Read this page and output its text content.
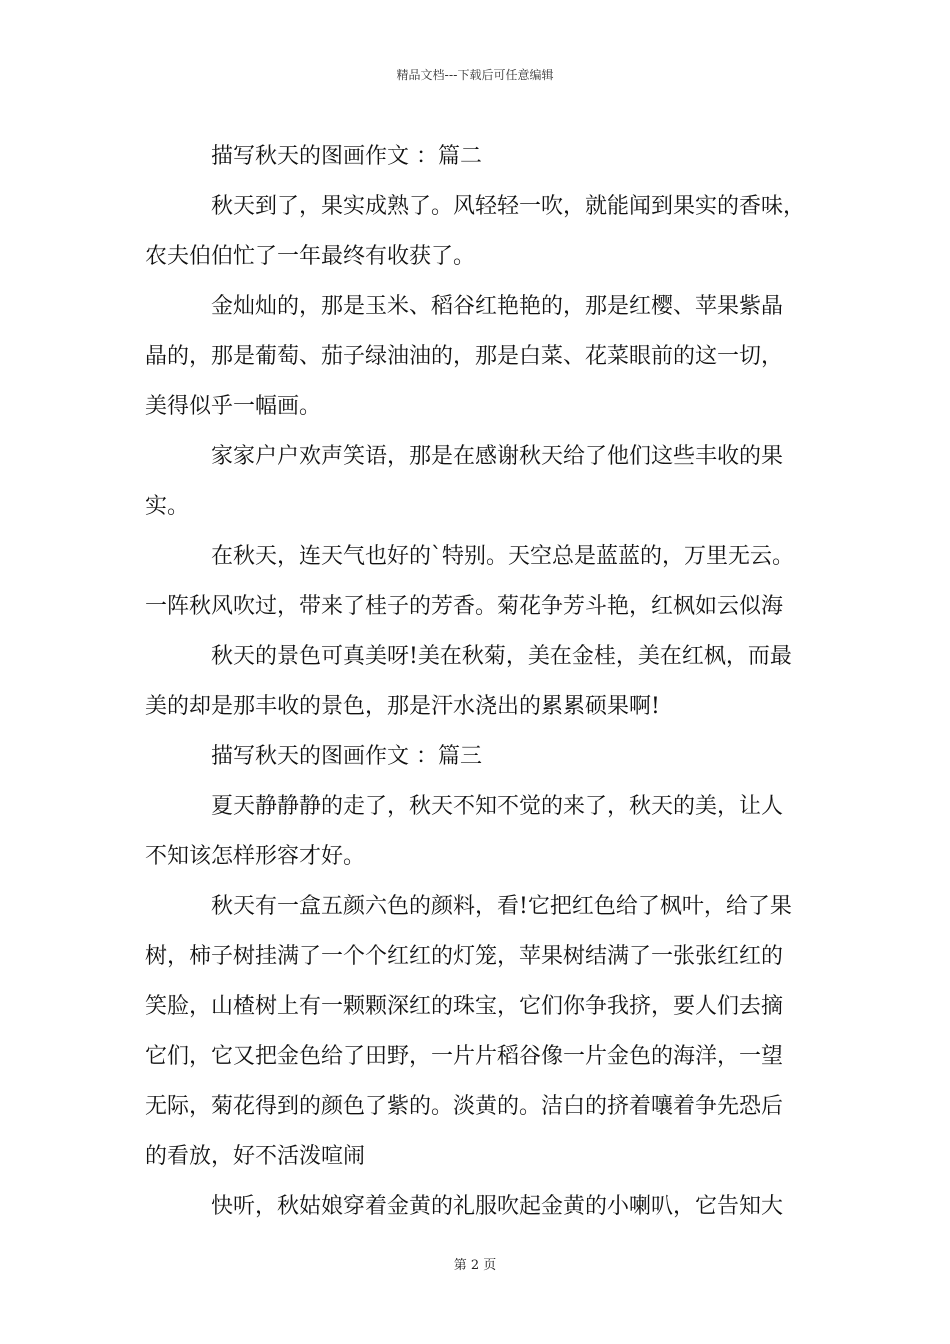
精品文档---下载后可任意编辑
描写秋天的图画作文 ：篇二
秋天到了，果实成熟了。风轻轻一吹，就能闻到果实的香味，
农夫伯伯忙了一年最终有收获了。
金灿灿的，那是玉米、稻谷红艳艳的，那是红樱、苹果紫晶
晶的，那是葡萄、茄子绿油油的，那是白菜、花菜眼前的这一切，
美得似乎一幅画。
家家户户欢声笑语，那是在感谢秋天给了他们这些丰收的果
实。
在秋天，连天气也好的`特别。天空总是蓝蓝的，万里无云。
一阵秋风吹过，带来了桂子的芳香。菊花争芳斗艳，红枫如云似海
秋天的景色可真美呀!美在秋菊，美在金桂，美在红枫，而最
美的却是那丰收的景色，那是汗水浇出的累累硕果啊!
描写秋天的图画作文 ：篇三
夏天静静静的走了，秋天不知不觉的来了，秋天的美，让人
不知该怎样形容才好。
秋天有一盒五颜六色的颜料，看!它把红色给了枫叶，给了果
树，柿子树挂满了一个个红红的灯笼，苹果树结满了一张张红红的
笑脸，山楂树上有一颗颗深红的珠宝，它们你争我挤，要人们去摘
它们，它又把金色给了田野，一片片稻谷像一片金色的海洋，一望
无际，菊花得到的颜色了紫的。淡黄的。洁白的挤着嚷着争先恐后
的看放，好不活泼喧闹
快听，秋姑娘穿着金黄的礼服吹起金黄的小喇叭，它告知大
第 2 页
